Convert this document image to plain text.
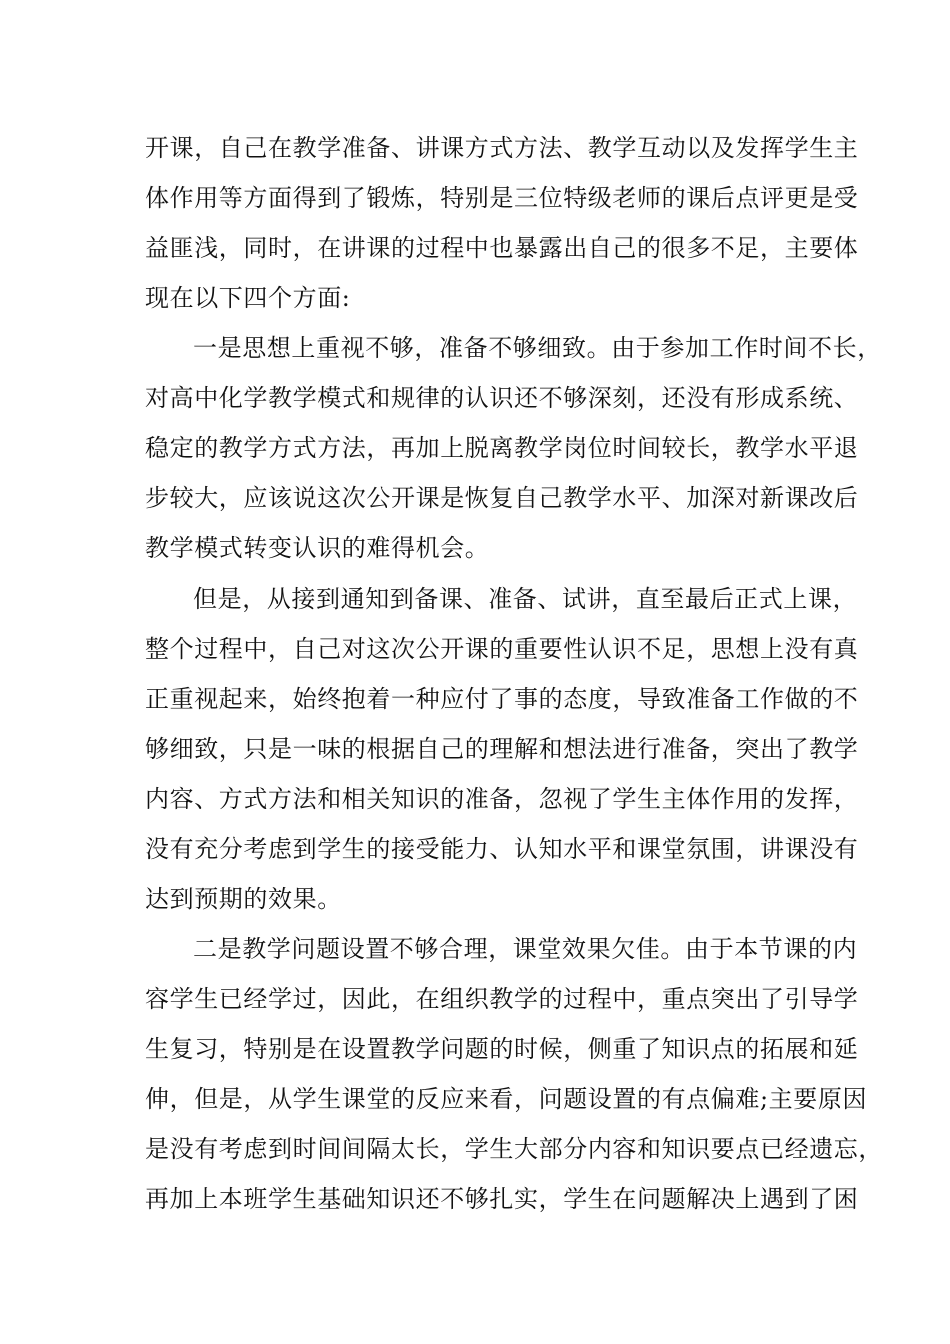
开课，自己在教学准备、讲课方式方法、教学互动以及发挥学生主
体作用等方面得到了锻炼，特别是三位特级老师的课后点评更是受
益匪浅，同时，在讲课的过程中也暴露出自己的很多不足，主要体
现在以下四个方面:
一是思想上重视不够，准备不够细致。由于参加工作时间不长，
对高中化学教学模式和规律的认识还不够深刻，还没有形成系统、
稳定的教学方式方法，再加上脱离教学岗位时间较长，教学水平退
步较大，应该说这次公开课是恢复自己教学水平、加深对新课改后
教学模式转变认识的难得机会。
但是，从接到通知到备课、准备、试讲，直至最后正式上课，
整个过程中，自己对这次公开课的重要性认识不足，思想上没有真
正重视起来，始终抱着一种应付了事的态度，导致准备工作做的不
够细致，只是一味的根据自己的理解和想法进行准备，突出了教学
内容、方式方法和相关知识的准备，忽视了学生主体作用的发挥，
没有充分考虑到学生的接受能力、认知水平和课堂氛围，讲课没有
达到预期的效果。
二是教学问题设置不够合理，课堂效果欠佳。由于本节课的内
容学生已经学过，因此，在组织教学的过程中，重点突出了引导学
生复习，特别是在设置教学问题的时候，侧重了知识点的拓展和延
伸，但是，从学生课堂的反应来看，问题设置的有点偏难;主要原因
是没有考虑到时间间隔太长，学生大部分内容和知识要点已经遗忘，
再加上本班学生基础知识还不够扎实，学生在问题解决上遇到了困
